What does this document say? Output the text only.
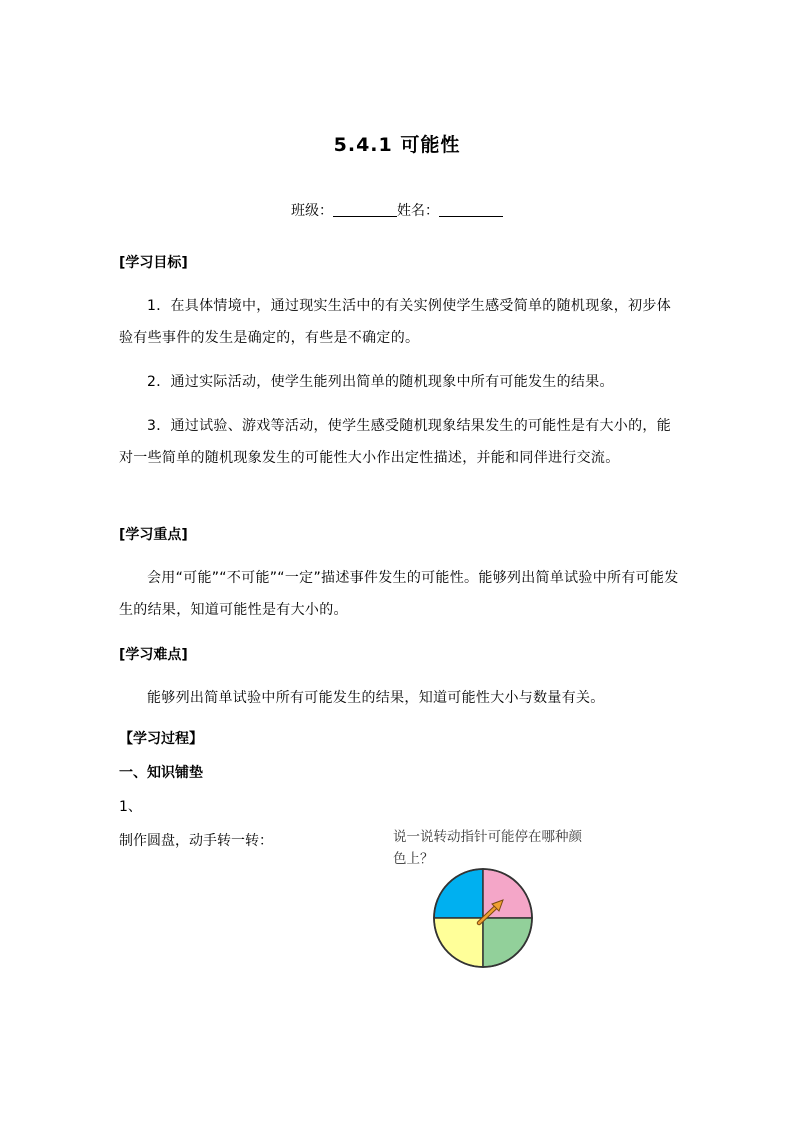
5.4.1 可能性
班级：	姓名：
[学习目标]
1．在具体情境中，通过现实生活中的有关实例使学生感受简单的随机现象，初步体验有些事件的发生是确定的，有些是不确定的。
2．通过实际活动，使学生能列出简单的随机现象中所有可能发生的结果。
3．通过试验、游戏等活动，使学生感受随机现象结果发生的可能性是有大小的，能对一些简单的随机现象发生的可能性大小作出定性描述，并能和同伴进行交流。
[学习重点]
会用“可能”“不可能”“一定”描述事件发生的可能性。能够列出简单试验中所有可能发生的结果，知道可能性是有大小的。
[学习难点]
能够列出简单试验中所有可能发生的结果，知道可能性大小与数量有关。
【学习过程】
一、知识铺垫
1、
制作圆盘，动手转一转：	说一说转动指针可能停在哪种颜色上？
